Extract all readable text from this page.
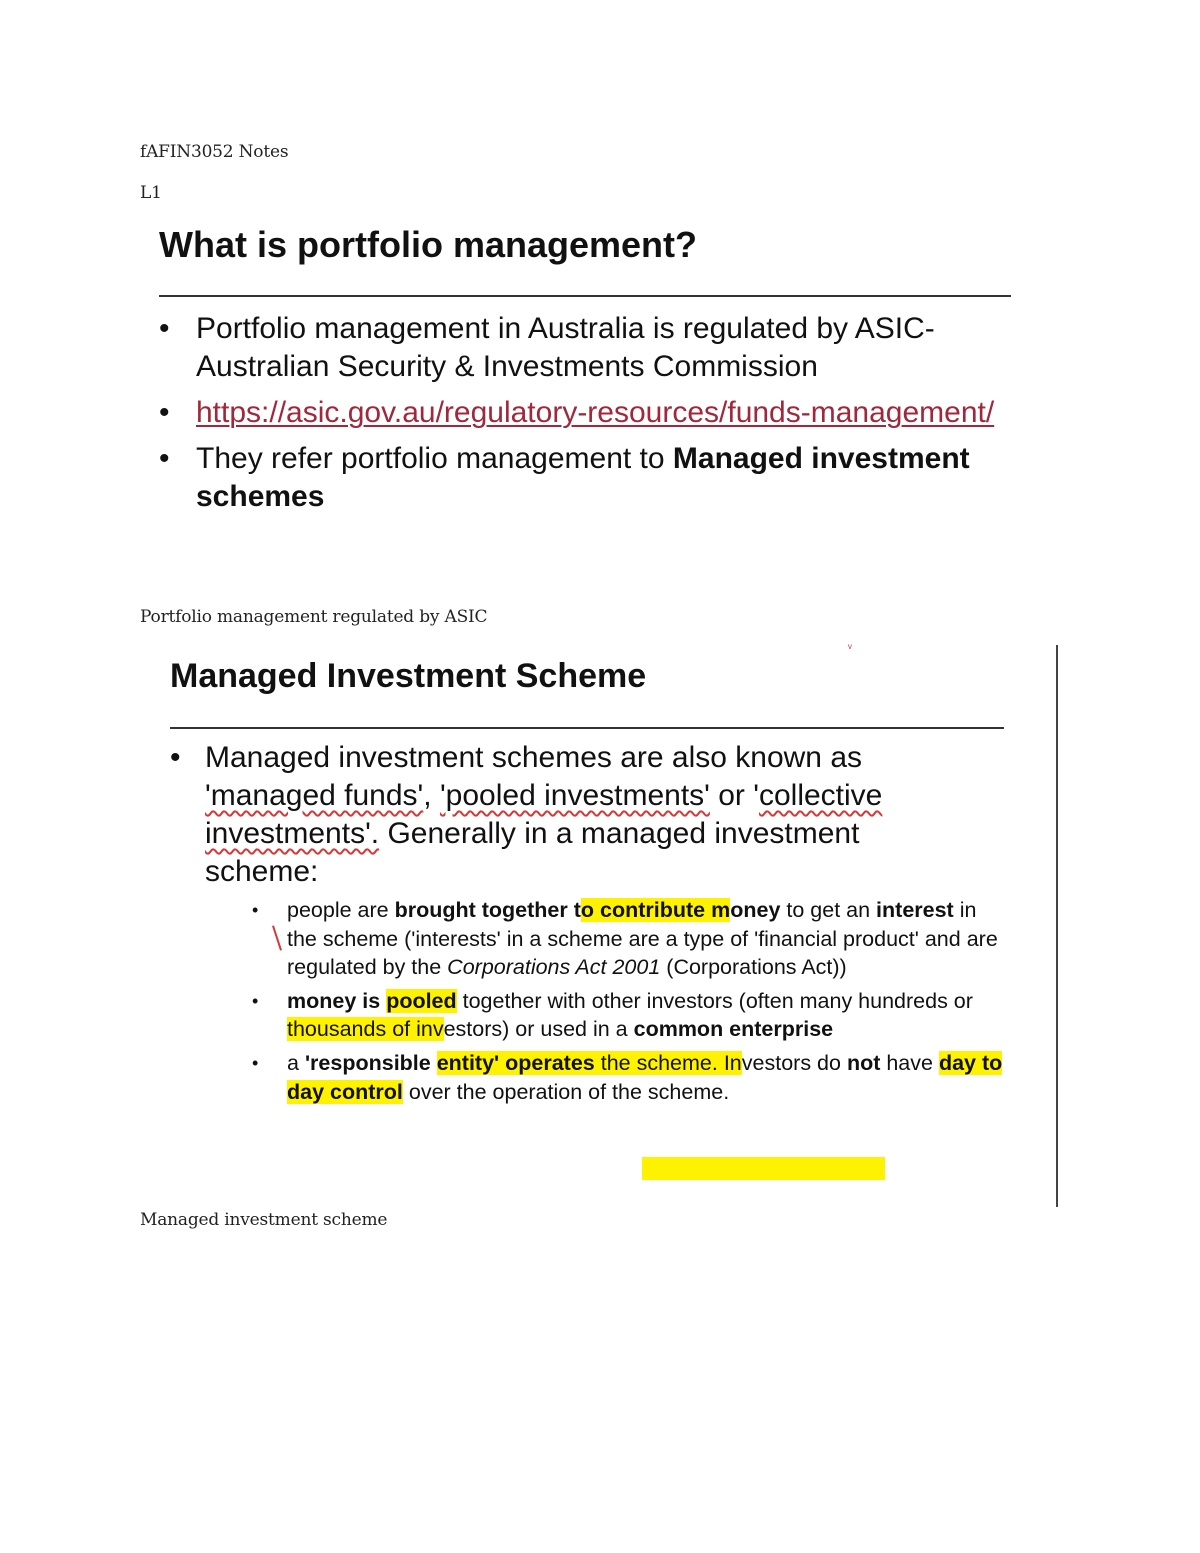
fAFIN3052 Notes
L1
What is portfolio management?
• Portfolio management in Australia is regulated by ASIC- Australian Security & Investments Commission
• https://asic.gov.au/regulatory-resources/funds-management/
• They refer portfolio management to Managed investment schemes
Portfolio management regulated by ASIC
ᵛ
Managed Investment Scheme

• Managed investment schemes are also known as 'managed funds', 'pooled investments' or 'collective investments'. Generally in a managed investment scheme:

• people are brought together to contribute money to get an interest in the scheme ('interests' in a scheme are a type of 'financial product' and are regulated by the Corporations Act 2001 (Corporations Act))
• money is pooled together with other investors (often many hundreds or thousands of investors) or used in a common enterprise
• a 'responsible entity' operates the scheme. Investors do not have day to day control over the operation of the scheme.
Managed investment scheme
